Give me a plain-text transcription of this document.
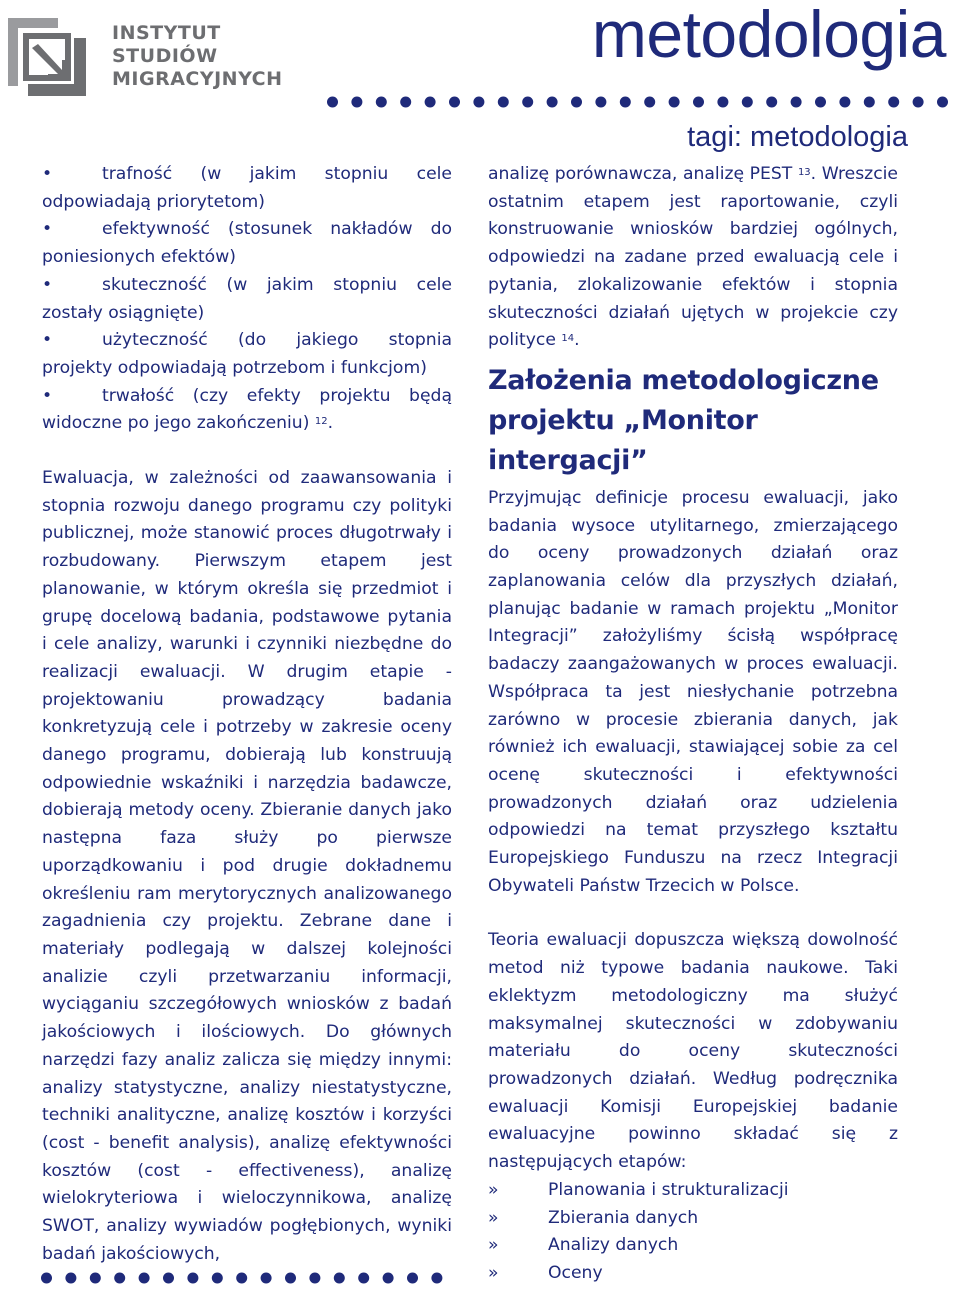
INSTYTUT STUDIÓW
MIGRACYJNYCH
metodologia
tagi: metodologia

•	trafność (w jakim stopniu cele odpowiadają priorytetom)

•	efektywność (stosunek nakładów do poniesionych efektów)

•	skuteczność (w jakim stopniu cele zostały osiągnięte)

•	użyteczność (do jakiego stopnia projekty odpowiadają potrzebom i funkcjom)

•	trwałość (czy efekty projektu będą widoczne po jego zakończeniu) $^{12}$.

Ewaluacja, w zależności od zaawansowania i stopnia rozwoju danego programu czy polityki publicznej, może stanowić proces długotrwały i rozbudowany. Pierwszym etapem jest planowanie, w którym określa się przedmiot i grupę docelową badania, podstawowe pytania i cele analizy, warunki i czynniki niezbędne do realizacji ewaluacji. W drugim etapie - projektowaniu prowadzący badania konkretyzują cele i potrzeby w zakresie oceny danego programu, dobierają lub konstruują odpowiednie wskaźniki i narzędzia badawcze, dobierają metody oceny. Zbieranie danych jako następna faza służy po pierwsze uporządkowaniu i pod drugie dokładnemu określeniu ram merytorycznych analizowanego zagadnienia czy projektu. Zebrane dane i materiały podlegają w dalszej kolejności analizie czyli przetwarzaniu informacji, wyciąganiu szczegółowych wniosków z badań jakościowych i ilościowych. Do głównych narzędzi fazy analiz zalicza się między innymi: analizy statystyczne, analizy niestatystyczne, techniki analityczne, analizę kosztów i korzyści (cost - benefit analysis), analizę efektywności kosztów (cost - effectiveness), analizę wielokryteriowa i wieloczynnikowa, analizę SWOT, analizy wywiadów pogłębionych, wyniki badań jakościowych,

analizę porównawcza, analizę PEST $^{13}$. Wreszcie ostatnim etapem jest raportowanie, czyli konstruowanie wniosków bardziej ogólnych, odpowiedzi na zadane przed ewaluacją cele i pytania, zlokalizowanie efektów i stopnia skuteczności działań ujętych w projekcie czy polityce $^{14}$.

Założenia metodologiczne projektu „Monitor intergacji”

Przyjmując definicje procesu ewaluacji, jako badania wysoce utylitarnego, zmierzającego do oceny prowadzonych działań oraz zaplanowania celów dla przyszłych działań, planując badanie w ramach projektu „Monitor Integracji” założyliśmy ścisłą współpracę badaczy zaangażowanych w proces ewaluacji. Współpraca ta jest niesłychanie potrzebna zarówno w procesie zbierania danych, jak również ich ewaluacji, stawiającej sobie za cel ocenę skuteczności i efektywności prowadzonych działań oraz udzielenia odpowiedzi na temat przyszłego kształtu Europejskiego Funduszu na rzecz Integracji Obywateli Państw Trzecich w Polsce.

Teoria ewaluacji dopuszcza większą dowolność metod niż typowe badania naukowe. Taki eklektyzm metodologiczny ma służyć maksymalnej skuteczności w zdobywaniu materiału do oceny skuteczności prowadzonych działań. Według podręcznika ewaluacji Komisji Europejskiej badanie ewaluacyjne powinno składać się z następujących etapów:

»	Planowania i strukturalizacji

»	Zbierania danych

»	Analizy danych

»	Oceny
